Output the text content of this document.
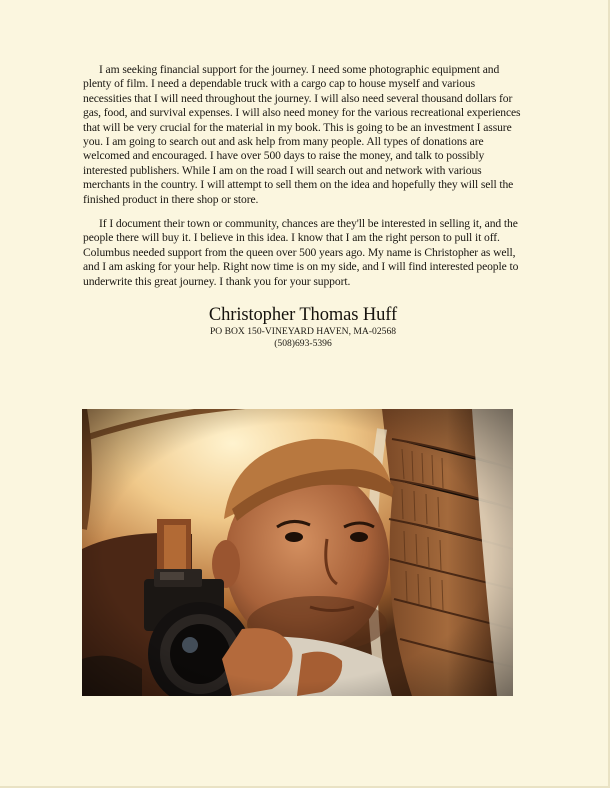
I am seeking financial support for the journey. I need some photographic equipment and plenty of film. I need a dependable truck with a cargo cap to house myself and various necessities that I will need throughout the journey. I will also need several thousand dollars for gas, food, and survival expenses. I will also need money for the various recreational experiences that will be very crucial for the material in my book. This is going to be an investment I assure you. I am going to search out and ask help from many people. All types of donations are welcomed and encouraged. I have over 500 days to raise the money, and talk to possibly interested publishers. While I am on the road I will search out and network with various merchants in the country. I will attempt to sell them on the idea and hopefully they will sell the finished product in there shop or store.

If I document their town or community, chances are they'll be interested in selling it, and the people there will buy it. I believe in this idea. I know that I am the right person to pull it off. Columbus needed support from the queen over 500 years ago. My name is Christopher as well, and I am asking for your help. Right now time is on my side, and I will find interested people to underwrite this great journey. I thank you for your support.

Christopher Thomas Huff
PO BOX 150-VINEYARD HAVEN, MA-02568
(508)693-5396
